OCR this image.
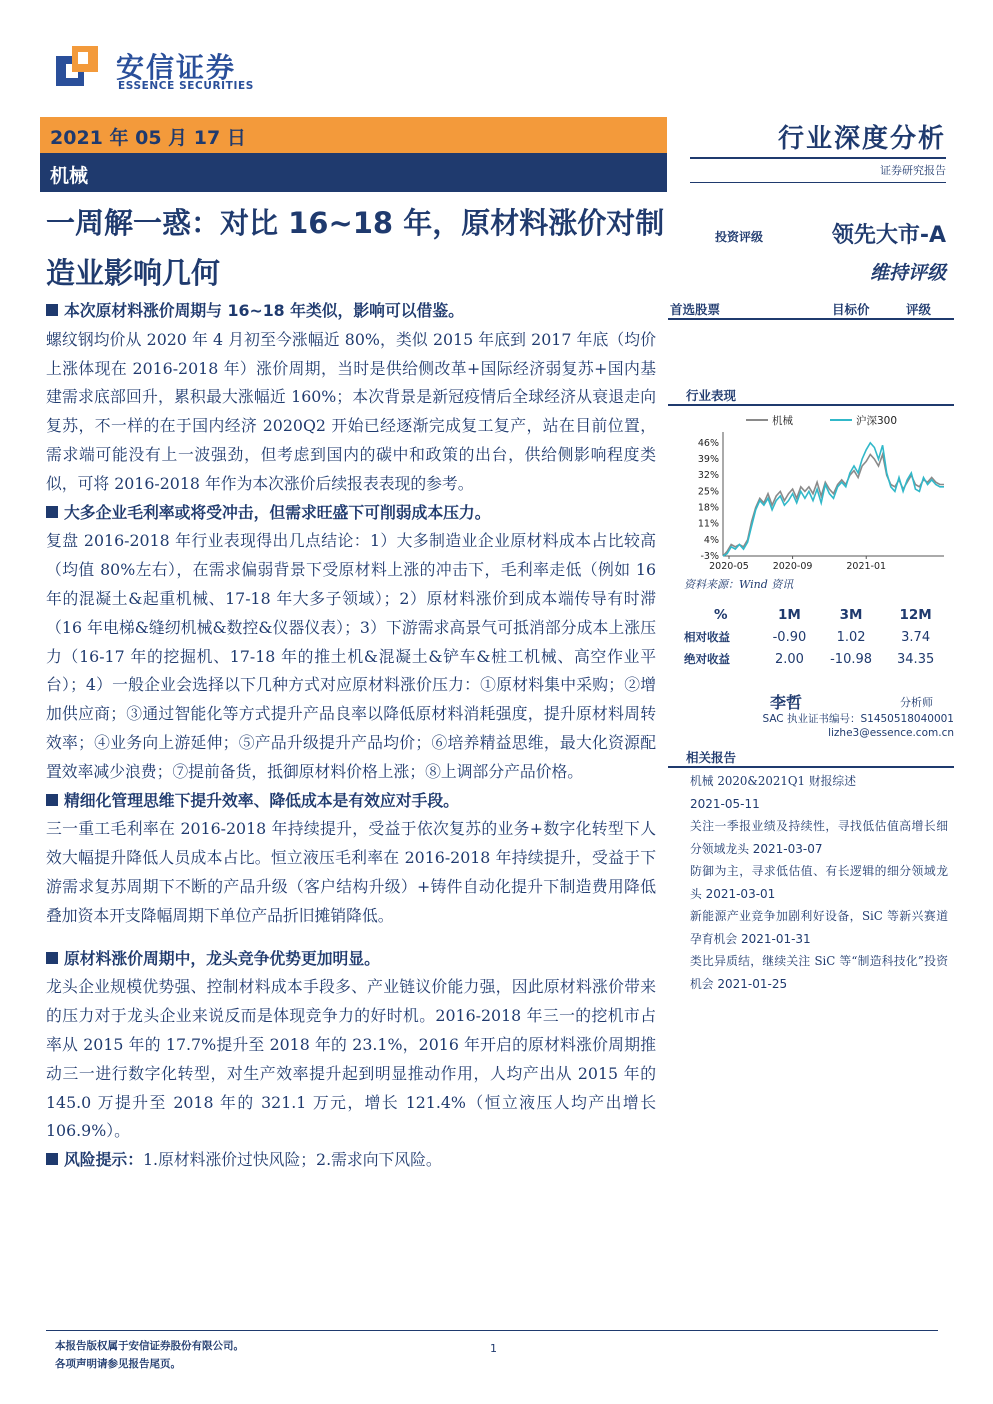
安信证券
ESSENCE SECURITIES
2021 年 05 月 17 日
机械
行业深度分析
证券研究报告
一周解一惑：对比 16~18 年，原材料涨价对制造业影响几何
投资评级	领先大市-A
维持评级
本次原材料涨价周期与 16~18 年类似，影响可以借鉴。
螺纹钢均价从 2020 年 4 月初至今涨幅近 80%，类似 2015 年底到 2017 年底（均价上涨体现在 2016-2018 年）涨价周期，当时是供给侧改革+国际经济弱复苏+国内基建需求底部回升，累积最大涨幅近 160%；本次背景是新冠疫情后全球经济从衰退走向复苏，不一样的在于国内经济 2020Q2 开始已经逐渐完成复工复产，站在目前位置，需求端可能没有上一波强劲，但考虑到国内的碳中和政策的出台，供给侧影响程度类似，可将 2016-2018 年作为本次涨价后续报表表现的参考。
大多企业毛利率或将受冲击，但需求旺盛下可削弱成本压力。
复盘 2016-2018 年行业表现得出几点结论：1）大多制造业企业原材料成本占比较高（均值 80%左右），在需求偏弱背景下受原材料上涨的冲击下，毛利率走低（例如 16 年的混凝土&起重机械、17-18 年大多子领域）；2）原材料涨价到成本端传导有时滞（16 年电梯&缝纫机械&数控&仪器仪表）；3）下游需求高景气可抵消部分成本上涨压力（16-17 年的挖掘机、17-18 年的推土机&混凝土&铲车&桩工机械、高空作业平台）；4）一般企业会选择以下几种方式对应原材料涨价压力：①原材料集中采购；②增加供应商；③通过智能化等方式提升产品良率以降低原材料消耗强度，提升原材料周转效率；④业务向上游延伸；⑤产品升级提升产品均价；⑥培养精益思维，最大化资源配置效率减少浪费；⑦提前备货，抵御原材料价格上涨；⑧上调部分产品价格。
精细化管理思维下提升效率、降低成本是有效应对手段。
三一重工毛利率在 2016-2018 年持续提升，受益于依次复苏的业务+数字化转型下人效大幅提升降低人员成本占比。恒立液压毛利率在 2016-2018 年持续提升，受益于下游需求复苏周期下不断的产品升级（客户结构升级）+铸件自动化提升下制造费用降低叠加资本开支降幅周期下单位产品折旧摊销降低。
原材料涨价周期中，龙头竞争优势更加明显。
龙头企业规模优势强、控制材料成本手段多、产业链议价能力强，因此原材料涨价带来的压力对于龙头企业来说反而是体现竞争力的好时机。2016-2018 年三一的挖机市占率从 2015 年的 17.7%提升至 2018 年的 23.1%，2016 年开启的原材料涨价周期推动三一进行数字化转型，对生产效率提升起到明显推动作用，人均产出从 2015 年的 145.0 万提升至 2018 年的 321.1 万元，增长 121.4%（恒立液压人均产出增长 106.9%）。
风险提示：1.原材料涨价过快风险；2.需求向下风险。
首选股票	目标价	评级
行业表现
机械	沪深300
-3%
4%
11%
18%
25%
32%
39%
46%
2020-05	2020-09	2021-01
资料来源：Wind 资讯
%	1M	3M	12M
相对收益	-0.90	1.02	3.74
绝对收益	2.00	-10.98	34.35
李哲	分析师
SAC 执业证书编号：S1450518040001
lizhe3@essence.com.cn
相关报告
机械 2020&2021Q1 财报综述
2021-05-11
关注一季报业绩及持续性，寻找低估值高增长细分领域龙头 2021-03-07
防御为主，寻求低估值、有长逻辑的细分领域龙头 2021-03-01
新能源产业竞争加剧利好设备，SiC 等新兴赛道孕育机会 2021-01-31
类比异质结，继续关注 SiC 等“制造科技化”投资机会 2021-01-25
本报告版权属于安信证券股份有限公司。
各项声明请参见报告尾页。
1
